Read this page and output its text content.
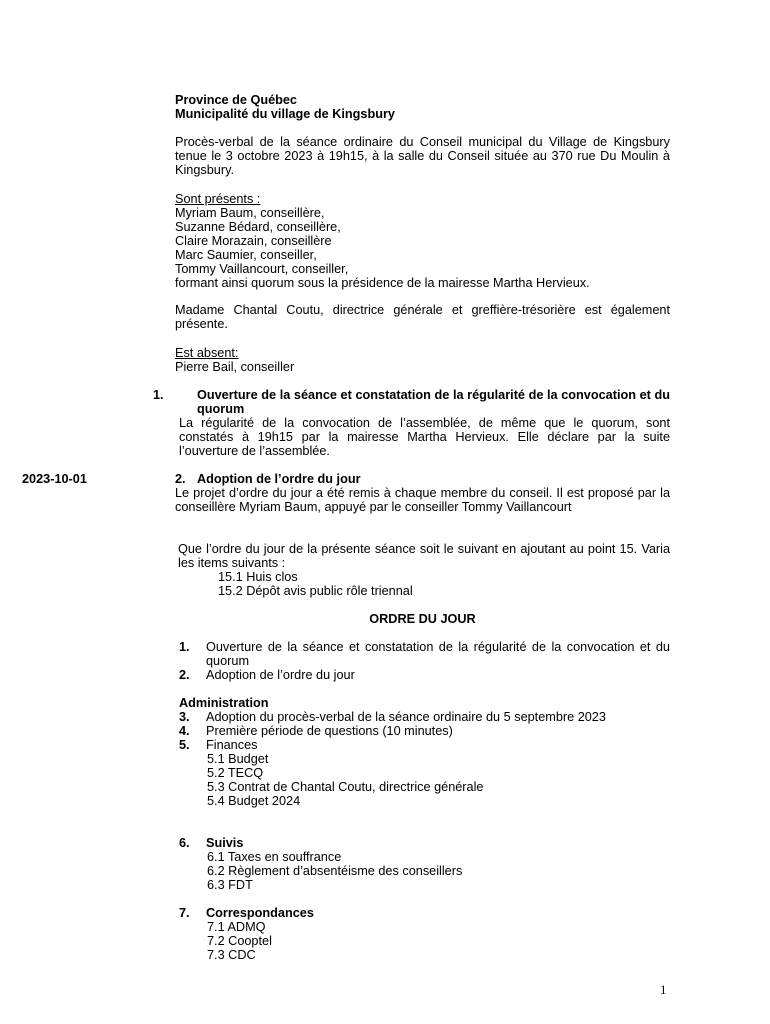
Province de Québec
Municipalité du village de Kingsbury
Procès-verbal de la séance ordinaire du Conseil municipal du Village de Kingsbury tenue le 3 octobre 2023 à 19h15, à la salle du Conseil située au 370 rue Du Moulin à Kingsbury.
Sont présents :
Myriam Baum, conseillère,
Suzanne Bédard, conseillère,
Claire Morazain, conseillère
Marc Saumier, conseiller,
Tommy Vaillancourt, conseiller,
formant ainsi quorum sous la présidence de la mairesse Martha Hervieux.
Madame Chantal Coutu, directrice générale et greffière-trésorière est également présente.
Est absent:
Pierre Bail, conseiller
1.	Ouverture de la séance et constatation de la régularité de la convocation et du quorum
La régularité de la convocation de l’assemblée, de même que le quorum, sont constatés à 19h15 par la mairesse Martha Hervieux. Elle déclare par la suite l’ouverture de l’assemblée.
2023-10-01	2. Adoption de l’ordre du jour
Le projet d’ordre du jour a été remis à chaque membre du conseil. Il est proposé par la conseillère Myriam Baum, appuyé par le conseiller Tommy Vaillancourt
Que l’ordre du jour de la présente séance soit le suivant en ajoutant au point 15. Varia les items suivants :
15.1 Huis clos
15.2 Dépôt avis public rôle triennal
ORDRE DU JOUR
1. Ouverture de la séance et constatation de la régularité de la convocation et du quorum
2. Adoption de l’ordre du jour
Administration
3. Adoption du procès-verbal de la séance ordinaire du 5 septembre 2023
4. Première période de questions (10 minutes)
5. Finances
5.1 Budget
5.2 TECQ
5.3 Contrat de Chantal Coutu, directrice générale
5.4 Budget 2024
6. Suivis
6.1 Taxes en souffrance
6.2 Règlement d’absentéisme des conseillers
6.3 FDT
7. Correspondances
7.1 ADMQ
7.2 Cooptel
7.3 CDC
1
